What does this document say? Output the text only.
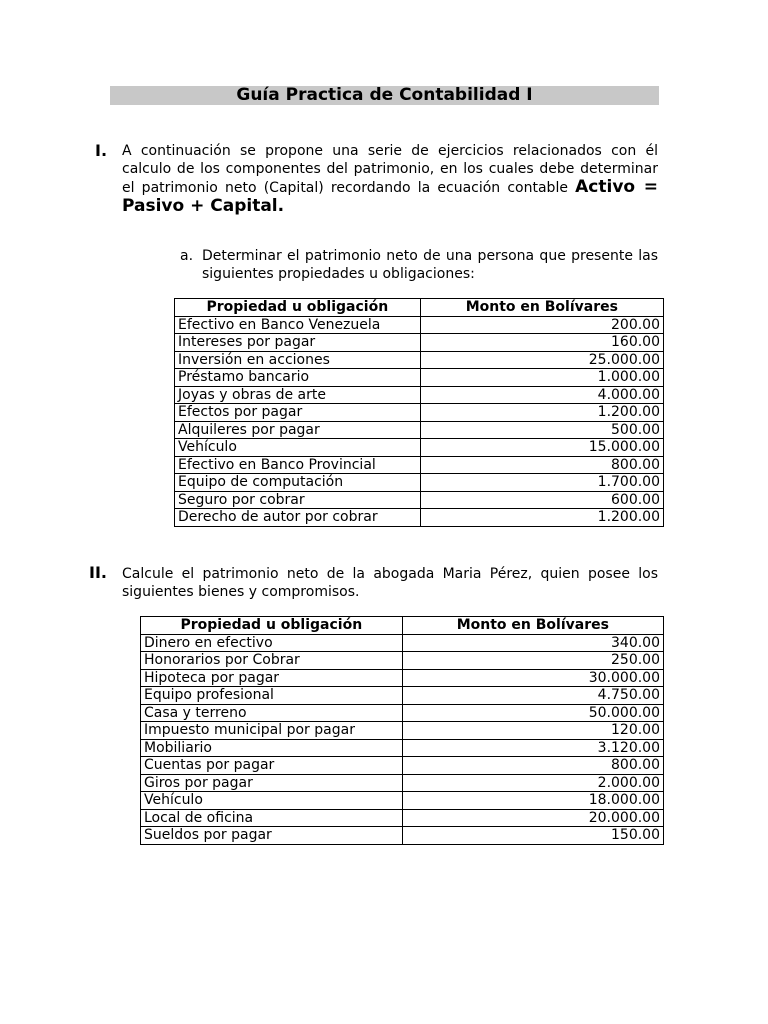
Guía Practica de Contabilidad I
I. A continuación se propone una serie de ejercicios relacionados con él calculo de los componentes del patrimonio, en los cuales debe determinar el patrimonio neto (Capital) recordando la ecuación contable Activo = Pasivo + Capital.
a. Determinar el patrimonio neto de una persona que presente las siguientes propiedades u obligaciones:
Propiedad u obligación	Monto en Bolívares
Efectivo en Banco Venezuela	200.00
Intereses por pagar	160.00
Inversión en acciones	25.000.00
Préstamo bancario	1.000.00
Joyas y obras de arte	4.000.00
Efectos por pagar	1.200.00
Alquileres por pagar	500.00
Vehículo	15.000.00
Efectivo en Banco Provincial	800.00
Equipo de computación	1.700.00
Seguro por cobrar	600.00
Derecho de autor por cobrar	1.200.00
II. Calcule el patrimonio neto de la abogada Maria Pérez, quien posee los siguientes bienes y compromisos.
Propiedad u obligación	Monto en Bolívares
Dinero en efectivo	340.00
Honorarios por Cobrar	250.00
Hipoteca por pagar	30.000.00
Equipo profesional	4.750.00
Casa y terreno	50.000.00
Impuesto municipal por pagar	120.00
Mobiliario	3.120.00
Cuentas por pagar	800.00
Giros por pagar	2.000.00
Vehículo	18.000.00
Local de oficina	20.000.00
Sueldos por pagar	150.00
